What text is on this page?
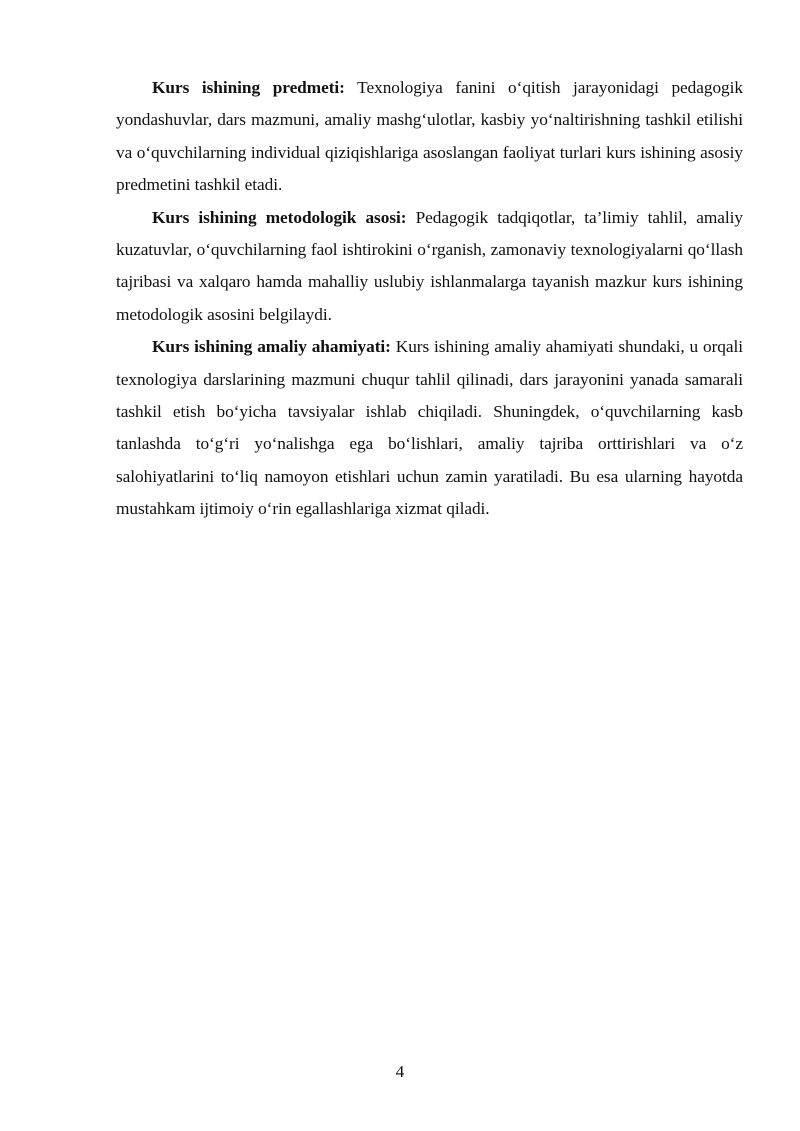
Kurs ishining predmeti: Texnologiya fanini o‘qitish jarayonidagi pedagogik yondashuvlar, dars mazmuni, amaliy mashg‘ulotlar, kasbiy yo‘naltirishning tashkil etilishi va o‘quvchilarning individual qiziqishlariga asoslangan faoliyat turlari kurs ishining asosiy predmetini tashkil etadi.

Kurs ishining metodologik asosi: Pedagogik tadqiqotlar, ta’limiy tahlil, amaliy kuzatuvlar, o‘quvchilarning faol ishtirokini o‘rganish, zamonaviy texnologiyalarni qo‘llash tajribasi va xalqaro hamda mahalliy uslubiy ishlanmalarga tayanish mazkur kurs ishining metodologik asosini belgilaydi.

Kurs ishining amaliy ahamiyati: Kurs ishining amaliy ahamiyati shundaki, u orqali texnologiya darslarining mazmuni chuqur tahlil qilinadi, dars jarayonini yanada samarali tashkil etish bo‘yicha tavsiyalar ishlab chiqiladi. Shuningdek, o‘quvchilarning kasb tanlashda to‘g‘ri yo‘nalishga ega bo‘lishlari, amaliy tajriba orttirishlari va o‘z salohiyatlarini to‘liq namoyon etishlari uchun zamin yaratiladi. Bu esa ularning hayotda mustahkam ijtimoiy o‘rin egallashlariga xizmat qiladi.

4
